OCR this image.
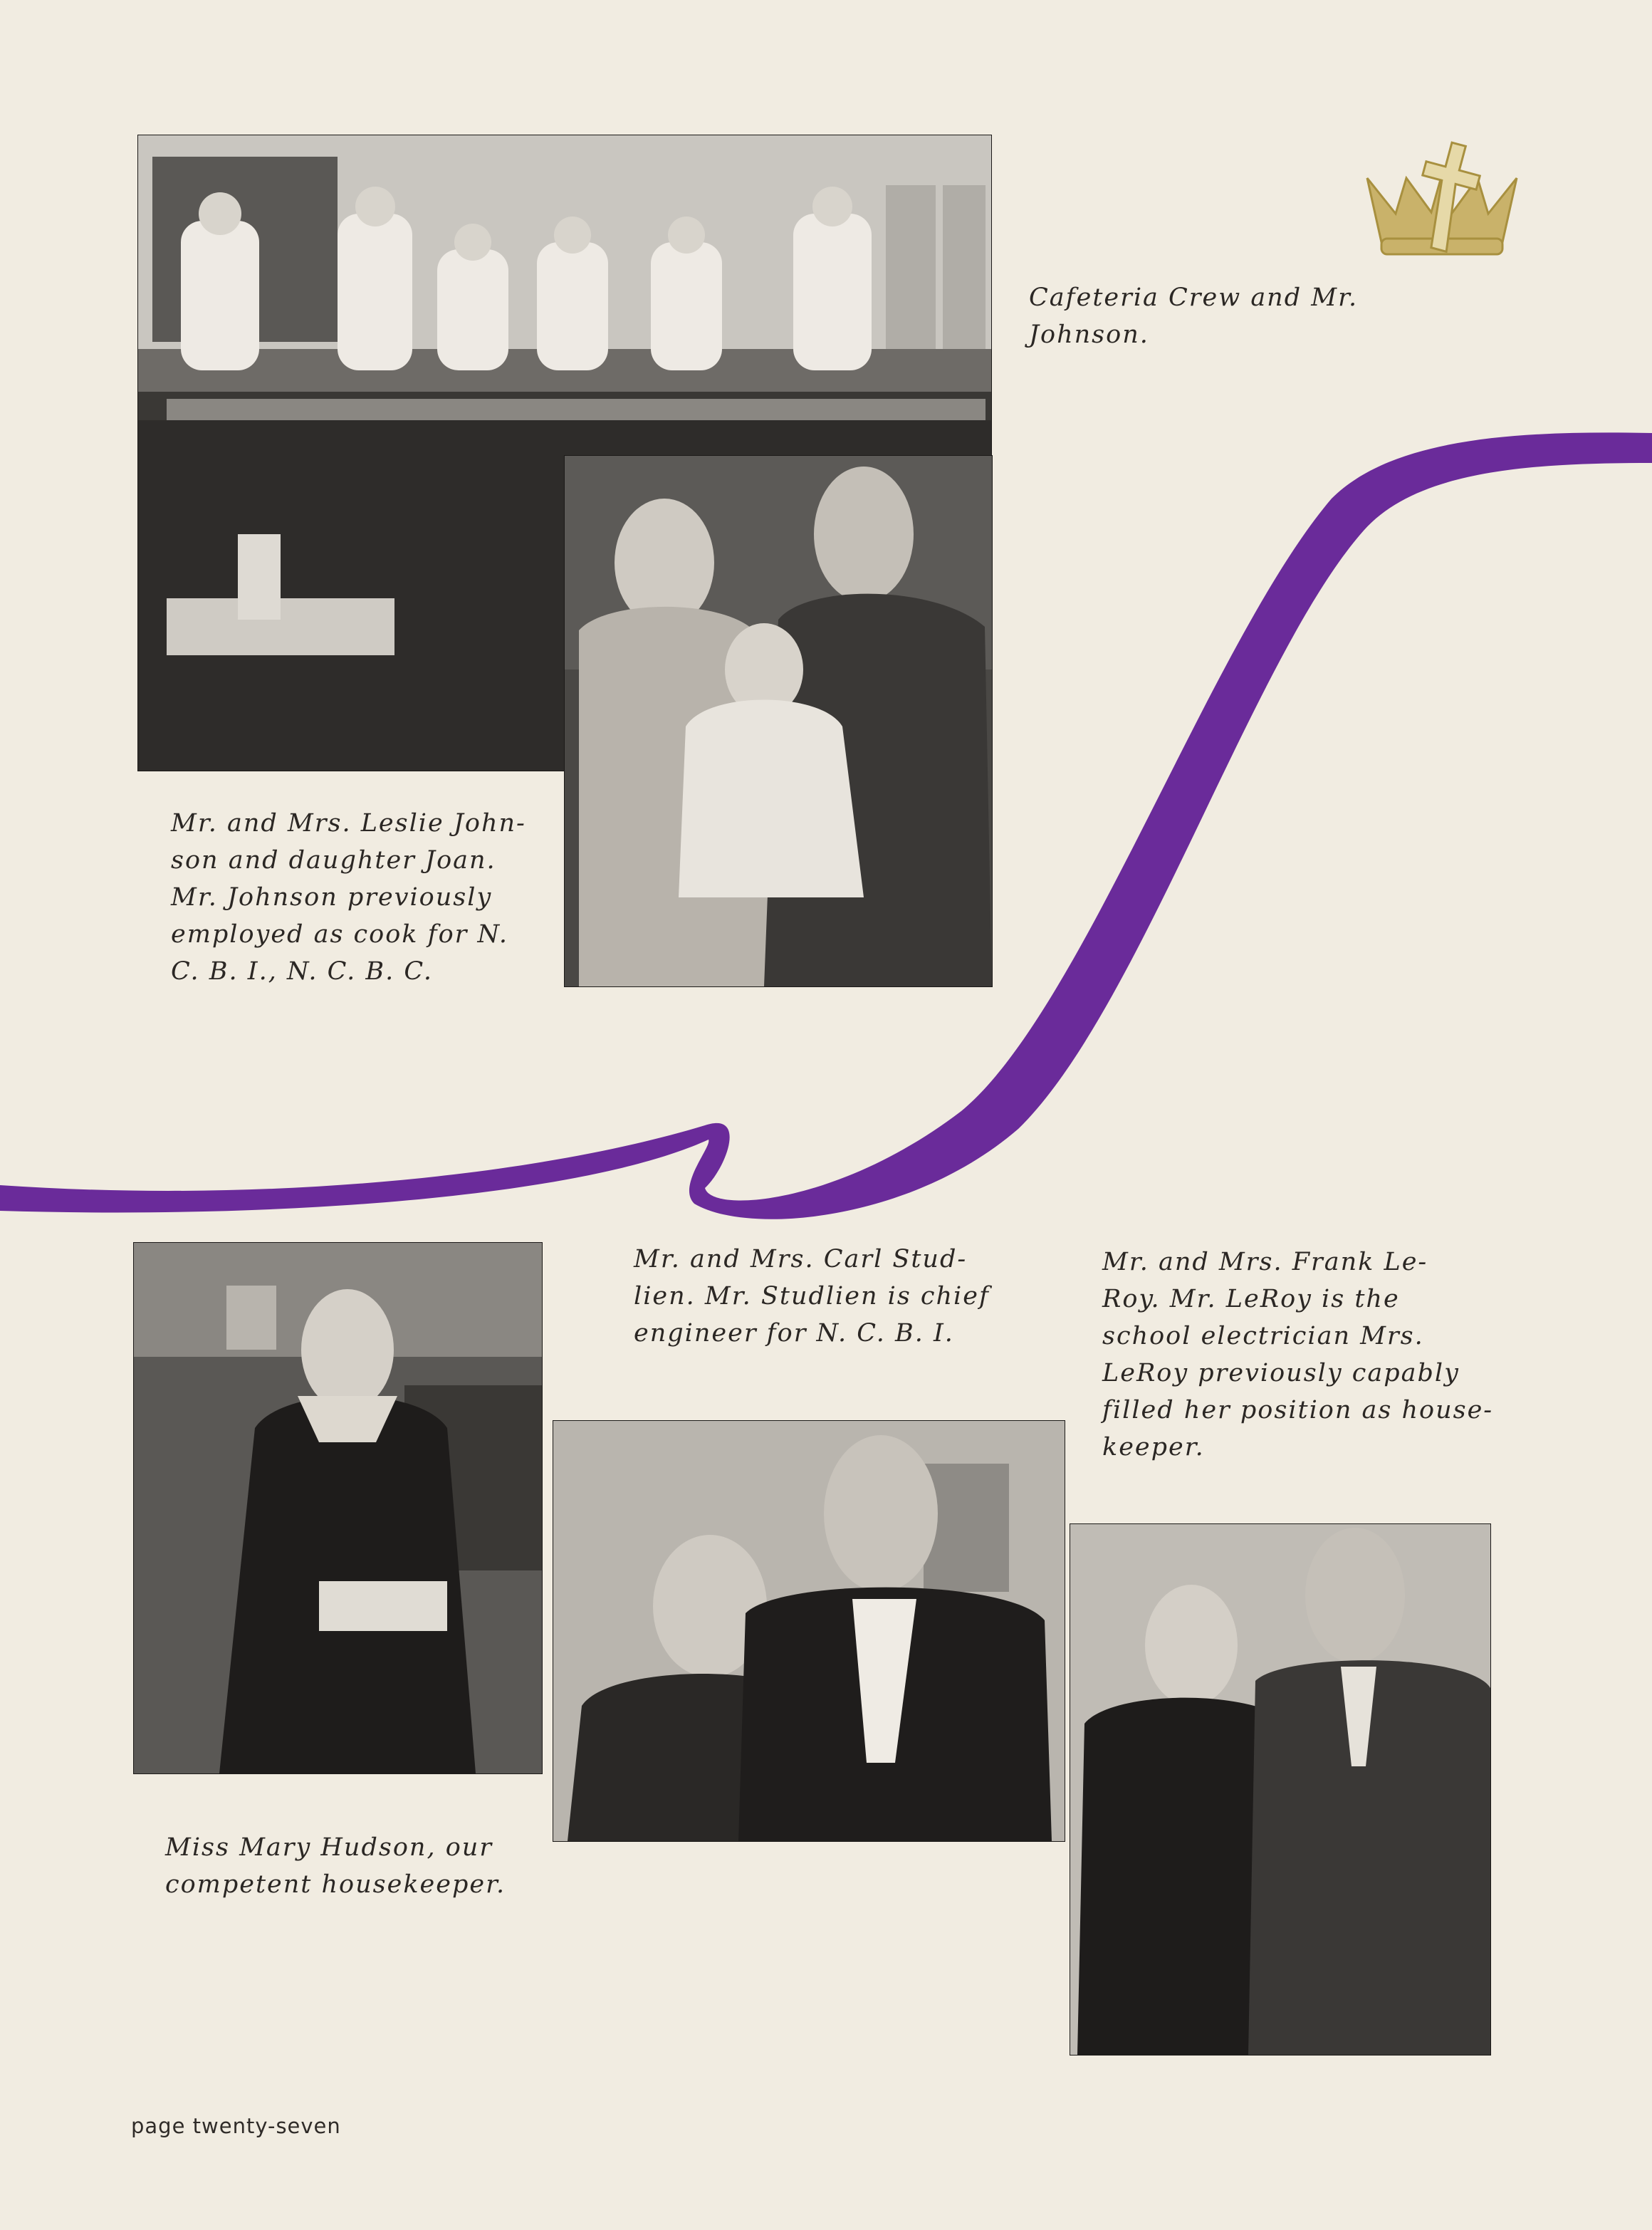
Cafeteria Crew and Mr.
Johnson.
Mr. and Mrs. Leslie John-
son and daughter Joan.
Mr. Johnson previously
employed as cook for N.
C. B. I., N. C. B. C.
Mr. and Mrs. Carl Stud-
lien. Mr. Studlien is chief
engineer for N. C. B. I.
Mr. and Mrs. Frank Le-
Roy. Mr. LeRoy is the
school electrician Mrs.
LeRoy previously capably
filled her position as house-
keeper.
Miss Mary Hudson, our
competent housekeeper.
page twenty-seven
